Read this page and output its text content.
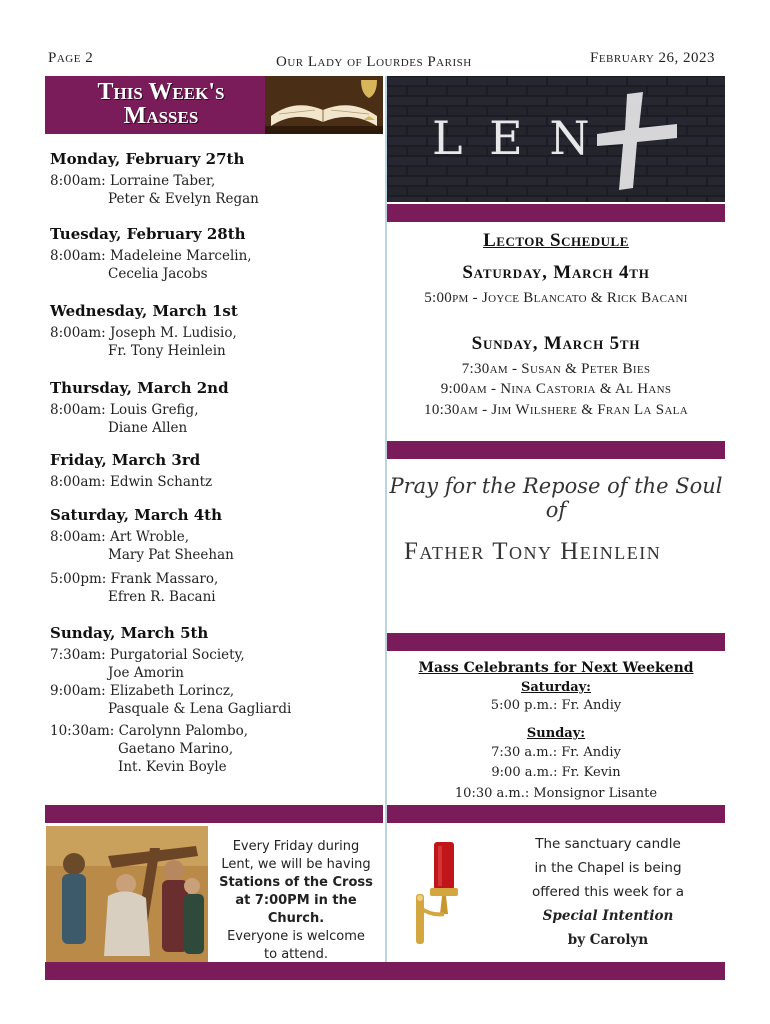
Page 2	Our Lady of Lourdes Parish	February 26, 2023
This Week's
Masses
Monday, February 27th
8:00am: Lorraine Taber,
Peter & Evelyn Regan
Tuesday, February 28th
8:00am: Madeleine Marcelin,
Cecelia Jacobs
Wednesday, March 1st
8:00am: Joseph M. Ludisio,
Fr. Tony Heinlein
Thursday, March 2nd
8:00am: Louis Grefig,
Diane Allen
Friday, March 3rd
8:00am: Edwin Schantz
Saturday, March 4th
8:00am: Art Wroble,
Mary Pat Sheehan
5:00pm: Frank Massaro,
Efren R. Bacani
Sunday, March 5th
7:30am: Purgatorial Society,
Joe Amorin
9:00am: Elizabeth Lorincz,
Pasquale & Lena Gagliardi
10:30am: Carolynn Palombo,
Gaetano Marino,
Int. Kevin Boyle
L E N
Lector Schedule
Saturday, March 4th
5:00pm - Joyce Blancato & Rick Bacani
Sunday, March 5th
7:30am - Susan & Peter Bies
9:00am - Nina Castoria & Al Hans
10:30am - Jim Wilshere & Fran La Sala
Pray for the Repose of the Soul of
Father Tony Heinlein
Mass Celebrants for Next Weekend
Saturday:
5:00 p.m.: Fr. Andiy
Sunday:
7:30 a.m.: Fr. Andiy
9:00 a.m.: Fr. Kevin
10:30 a.m.: Monsignor Lisante
Every Friday during
Lent, we will be having
Stations of the Cross
at 7:00PM in the Church.
Everyone is welcome
to attend.
The sanctuary candle
in the Chapel is being
offered this week for a
Special Intention
by Carolyn
